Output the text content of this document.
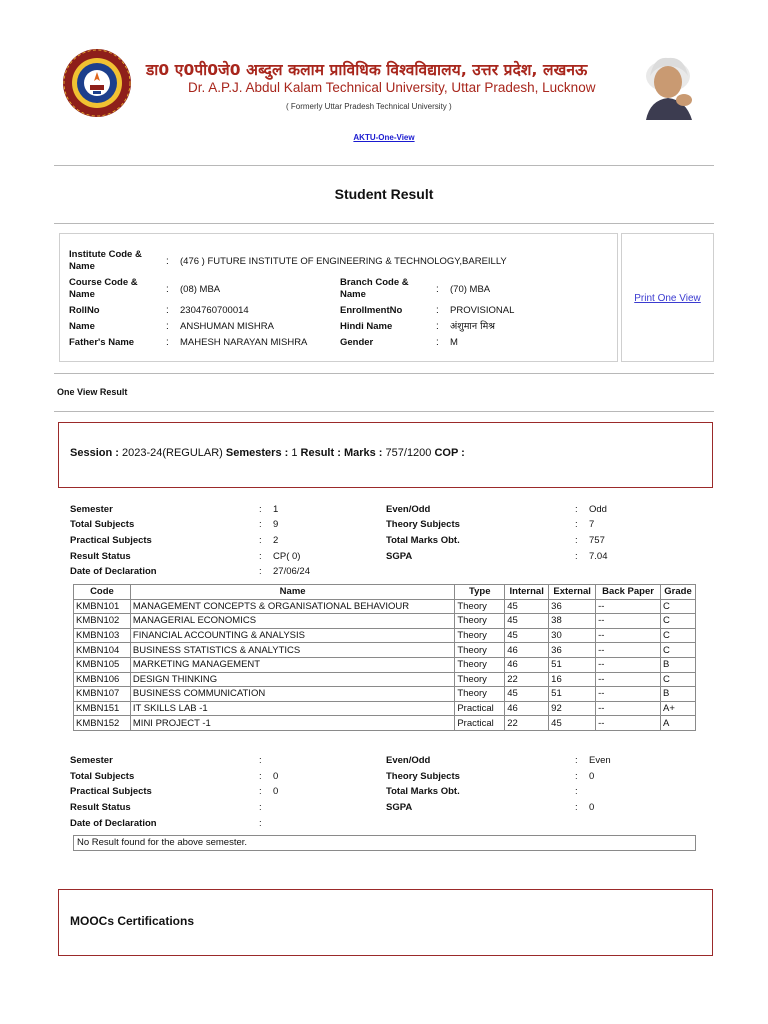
डा0 ए0पी0जे0 अब्दुल कलाम प्राविधिक विश्वविद्यालय, उत्तर प्रदेश, लखनऊ
Dr. A.P.J. Abdul Kalam Technical University, Uttar Pradesh, Lucknow
( Formerly Uttar Pradesh Technical University )
AKTU-One-View
Student Result
Institute Code & Name	: (476 ) FUTURE INSTITUTE OF ENGINEERING & TECHNOLOGY,BAREILLY
Course Code & Name	: (08) MBA
Branch Code & Name	: (70) MBA
RollNo	: 2304760700014	EnrollmentNo	: PROVISIONAL
Name	: ANSHUMAN MISHRA	Hindi Name	: अंशुमान मिश्र
Father's Name	: MAHESH NARAYAN MISHRA	Gender	: M
Print One View
One View Result
Session : 2023-24(REGULAR) Semesters : 1 Result : Marks : 757/1200 COP :
Semester	: 1	Even/Odd	: Odd
Total Subjects	: 9	Theory Subjects	: 7
Practical Subjects	: 2	Total Marks Obt.	: 757
Result Status	: CP( 0)	SGPA	: 7.04
Date of Declaration	: 27/06/24
Code	Name	Type	Internal	External	Back Paper	Grade
KMBN101	MANAGEMENT CONCEPTS & ORGANISATIONAL BEHAVIOUR	Theory	45	36	--	C
KMBN102	MANAGERIAL ECONOMICS	Theory	45	38	--	C
KMBN103	FINANCIAL ACCOUNTING & ANALYSIS	Theory	45	30	--	C
KMBN104	BUSINESS STATISTICS & ANALYTICS	Theory	46	36	--	C
KMBN105	MARKETING MANAGEMENT	Theory	46	51	--	B
KMBN106	DESIGN THINKING	Theory	22	16	--	C
KMBN107	BUSINESS COMMUNICATION	Theory	45	51	--	B
KMBN151	IT SKILLS LAB -1	Practical	46	92	--	A+
KMBN152	MINI PROJECT -1	Practical	22	45	--	A
Semester	:	Even/Odd	: Even
Total Subjects	: 0	Theory Subjects	: 0
Practical Subjects	: 0	Total Marks Obt.	:
Result Status	:	SGPA	: 0
Date of Declaration	:
No Result found for the above semester.
MOOCs Certifications
